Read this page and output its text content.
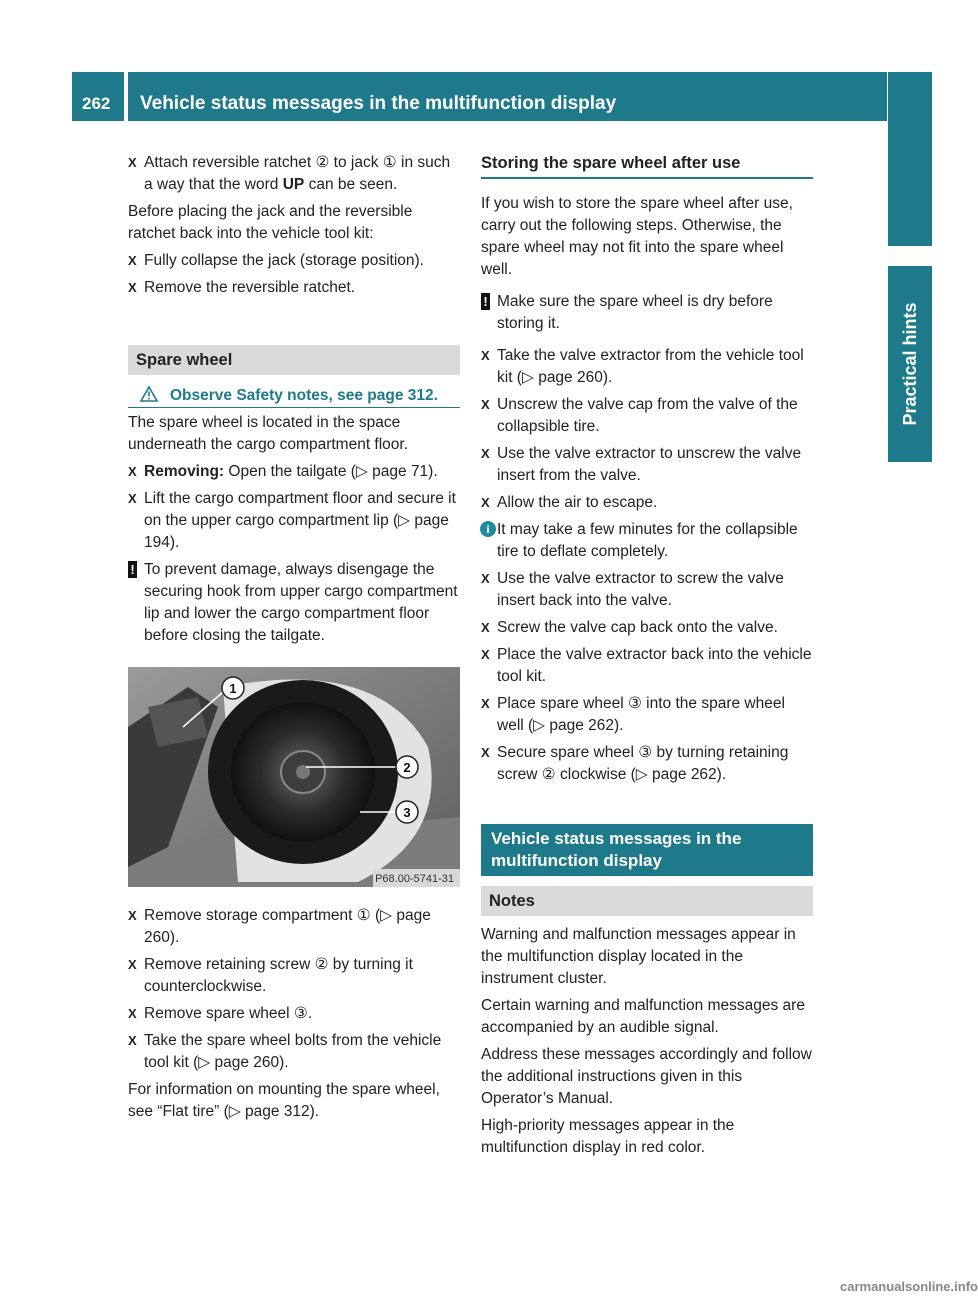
262	Vehicle status messages in the multifunction display
Practical hints
X Attach reversible ratchet ② to jack ① in such a way that the word UP can be seen.

Before placing the jack and the reversible ratchet back into the vehicle tool kit:

X Fully collapse the jack (storage position).
X Remove the reversible ratchet.
Spare wheel
Observe Safety notes, see page 312.

The spare wheel is located in the space underneath the cargo compartment floor.

X Removing: Open the tailgate (▷ page 71).
X Lift the cargo compartment floor and secure it on the upper cargo compartment lip (▷ page 194).
! To prevent damage, always disengage the securing hook from upper cargo compartment lip and lower the cargo compartment floor before closing the tailgate.
1
2
3
P68.00-5741-31
X Remove storage compartment ① (▷ page 260).
X Remove retaining screw ② by turning it counterclockwise.
X Remove spare wheel ③.
X Take the spare wheel bolts from the vehicle tool kit (▷ page 260).

For information on mounting the spare wheel, see “Flat tire” (▷ page 312).

Storing the spare wheel after use

If you wish to store the spare wheel after use, carry out the following steps. Otherwise, the spare wheel may not fit into the spare wheel well.

! Make sure the spare wheel is dry before storing it.
X Take the valve extractor from the vehicle tool kit (▷ page 260).
X Unscrew the valve cap from the valve of the collapsible tire.
X Use the valve extractor to unscrew the valve insert from the valve.
X Allow the air to escape.
i It may take a few minutes for the collapsible tire to deflate completely.
X Use the valve extractor to screw the valve insert back into the valve.
X Screw the valve cap back onto the valve.
X Place the valve extractor back into the vehicle tool kit.
X Place spare wheel ③ into the spare wheel well (▷ page 262).
X Secure spare wheel ③ by turning retaining screw ② clockwise (▷ page 262).
Vehicle status messages in the multifunction display
Notes

Warning and malfunction messages appear in the multifunction display located in the instrument cluster.

Certain warning and malfunction messages are accompanied by an audible signal.

Address these messages accordingly and follow the additional instructions given in this Operator’s Manual.

High-priority messages appear in the multifunction display in red color.

carmanualsonline.info
